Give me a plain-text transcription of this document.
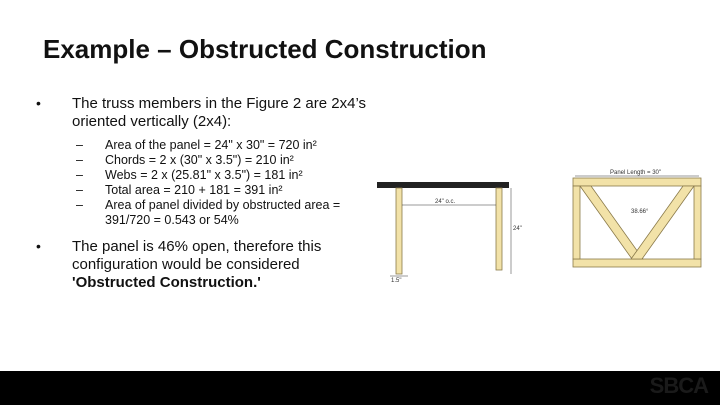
Example – Obstructed Construction
• The truss members in the Figure 2 are 2x4’s oriented vertically (2x4):
– Area of the panel = 24" x 30" = 720 in²
– Chords = 2 x (30" x 3.5") = 210 in²
– Webs = 2 x (25.81" x 3.5") = 181 in²
– Total area = 210 + 181 = 391 in²
– Area of panel divided by obstructed area = 391/720 = 0.543 or 54%
• The panel is 46% open, therefore this configuration would be considered 'Obstructed Construction.'
24" o.c.
24"
1.5"
Panel Length = 30"
38.66°
SBCA
